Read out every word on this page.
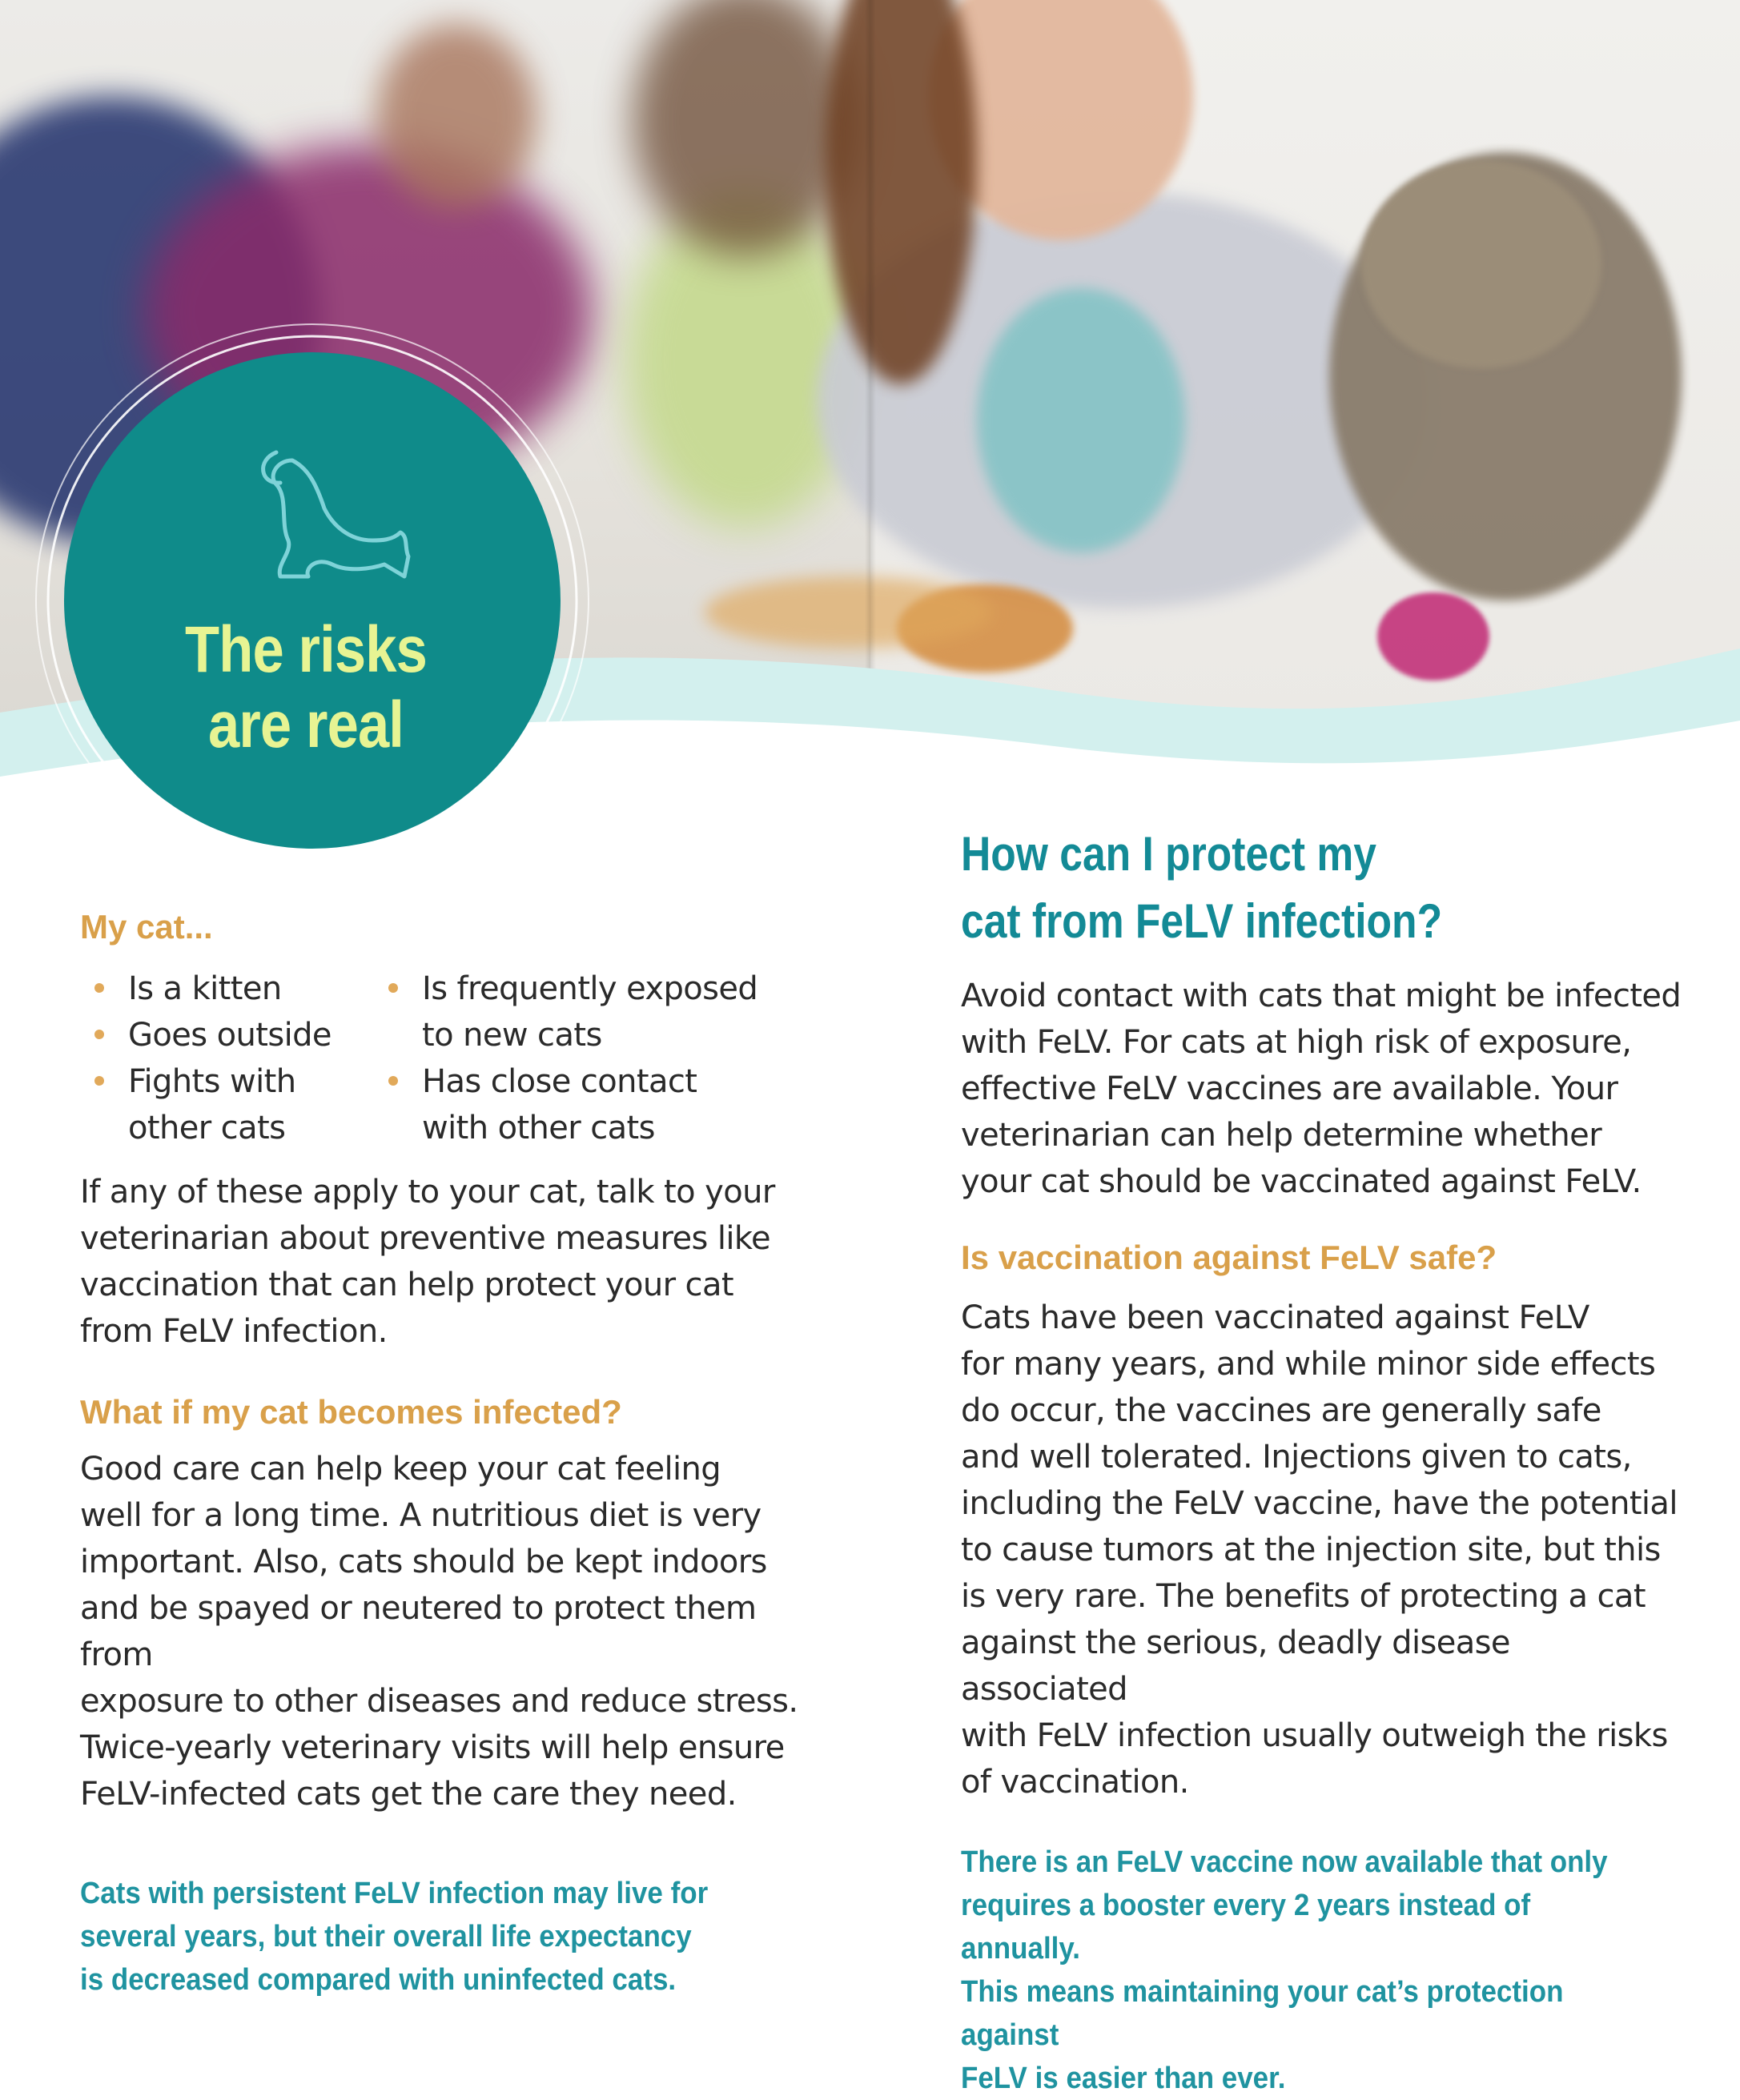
The risks
are real
My cat...
Is a kitten
Goes outside
Fights with
other cats
Is frequently exposed
to new cats
Has close contact
with other cats

If any of these apply to your cat, talk to your
veterinarian about preventive measures like
vaccination that can help protect your cat
from FeLV infection.

What if my cat becomes infected?

Good care can help keep your cat feeling
well for a long time. A nutritious diet is very
important. Also, cats should be kept indoors
and be spayed or neutered to protect them from
exposure to other diseases and reduce stress.
Twice-yearly veterinary visits will help ensure
FeLV-infected cats get the care they need.

Cats with persistent FeLV infection may live for
several years, but their overall life expectancy
is decreased compared with uninfected cats.

How can I protect my
cat from FeLV infection?

Avoid contact with cats that might be infected
with FeLV. For cats at high risk of exposure,
effective FeLV vaccines are available. Your
veterinarian can help determine whether
your cat should be vaccinated against FeLV.

Is vaccination against FeLV safe?

Cats have been vaccinated against FeLV
for many years, and while minor side effects
do occur, the vaccines are generally safe
and well tolerated. Injections given to cats,
including the FeLV vaccine, have the potential
to cause tumors at the injection site, but this
is very rare. The benefits of protecting a cat
against the serious, deadly disease associated
with FeLV infection usually outweigh the risks
of vaccination.

There is an FeLV vaccine now available that only
requires a booster every 2 years instead of annually.
This means maintaining your cat’s protection against
FeLV is easier than ever.
